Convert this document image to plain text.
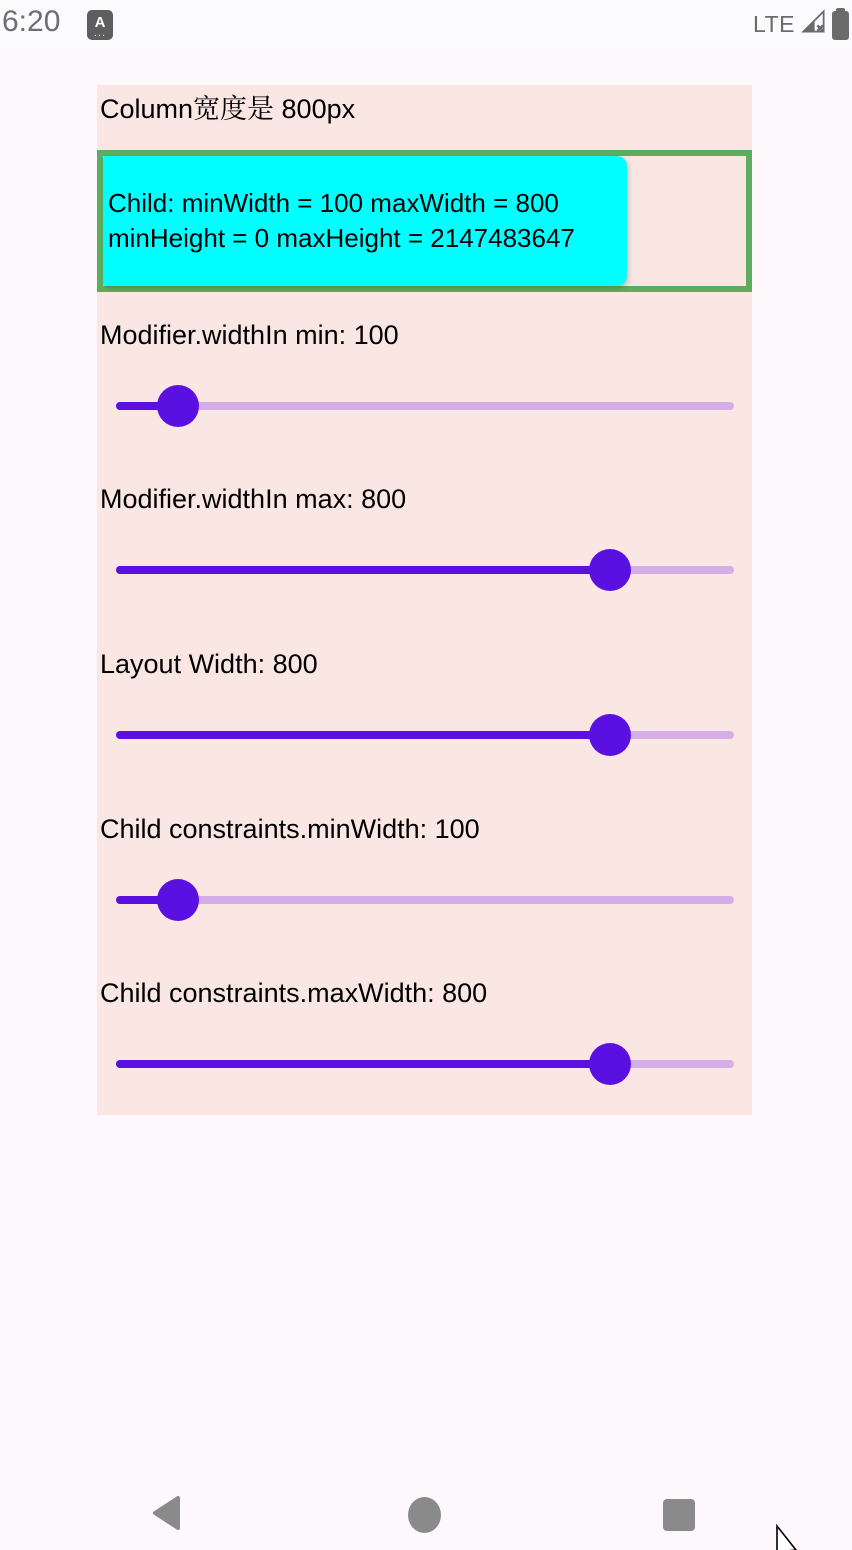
6:20 A
...	LTE
Column宽度是 800px
Child: minWidth = 100 maxWidth = 800
minHeight = 0 maxHeight = 2147483647
Modifier.widthIn min: 100
Modifier.widthIn max: 800
Layout Width: 800
Child constraints.minWidth: 100
Child constraints.maxWidth: 800
